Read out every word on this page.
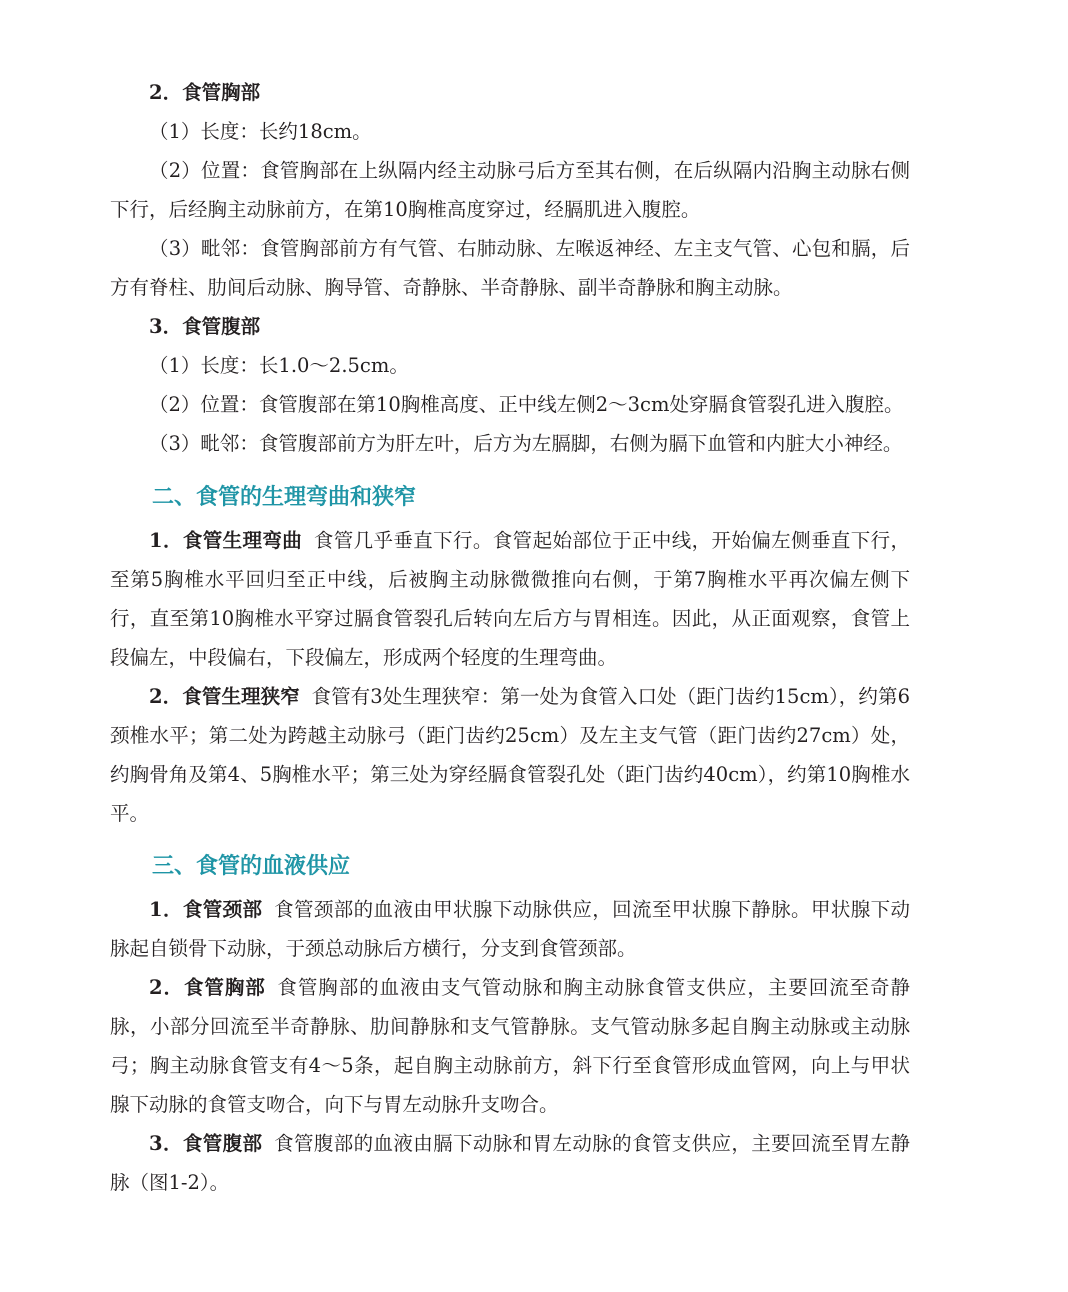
2．食管胸部

（1）长度：长约18cm。

（2）位置：食管胸部在上纵隔内经主动脉弓后方至其右侧，在后纵隔内沿胸主动脉右侧下行，后经胸主动脉前方，在第10胸椎高度穿过，经膈肌进入腹腔。

（3）毗邻：食管胸部前方有气管、右肺动脉、左喉返神经、左主支气管、心包和膈，后方有脊柱、肋间后动脉、胸导管、奇静脉、半奇静脉、副半奇静脉和胸主动脉。

3．食管腹部

（1）长度：长1.0～2.5cm。

（2）位置：食管腹部在第10胸椎高度、正中线左侧2～3cm处穿膈食管裂孔进入腹腔。

（3）毗邻：食管腹部前方为肝左叶，后方为左膈脚，右侧为膈下血管和内脏大小神经。

二、食管的生理弯曲和狭窄

1．食管生理弯曲 食管几乎垂直下行。食管起始部位于正中线，开始偏左侧垂直下行，至第5胸椎水平回归至正中线，后被胸主动脉微微推向右侧，于第7胸椎水平再次偏左侧下行，直至第10胸椎水平穿过膈食管裂孔后转向左后方与胃相连。因此，从正面观察，食管上段偏左，中段偏右，下段偏左，形成两个轻度的生理弯曲。

2．食管生理狭窄 食管有3处生理狭窄：第一处为食管入口处（距门齿约15cm），约第6颈椎水平；第二处为跨越主动脉弓（距门齿约25cm）及左主支气管（距门齿约27cm）处，约胸骨角及第4、5胸椎水平；第三处为穿经膈食管裂孔处（距门齿约40cm），约第10胸椎水平。

三、食管的血液供应

1．食管颈部 食管颈部的血液由甲状腺下动脉供应，回流至甲状腺下静脉。甲状腺下动脉起自锁骨下动脉，于颈总动脉后方横行，分支到食管颈部。

2．食管胸部 食管胸部的血液由支气管动脉和胸主动脉食管支供应，主要回流至奇静脉，小部分回流至半奇静脉、肋间静脉和支气管静脉。支气管动脉多起自胸主动脉或主动脉弓；胸主动脉食管支有4～5条，起自胸主动脉前方，斜下行至食管形成血管网，向上与甲状腺下动脉的食管支吻合，向下与胃左动脉升支吻合。

3．食管腹部 食管腹部的血液由膈下动脉和胃左动脉的食管支供应，主要回流至胃左静脉（图1-2）。
